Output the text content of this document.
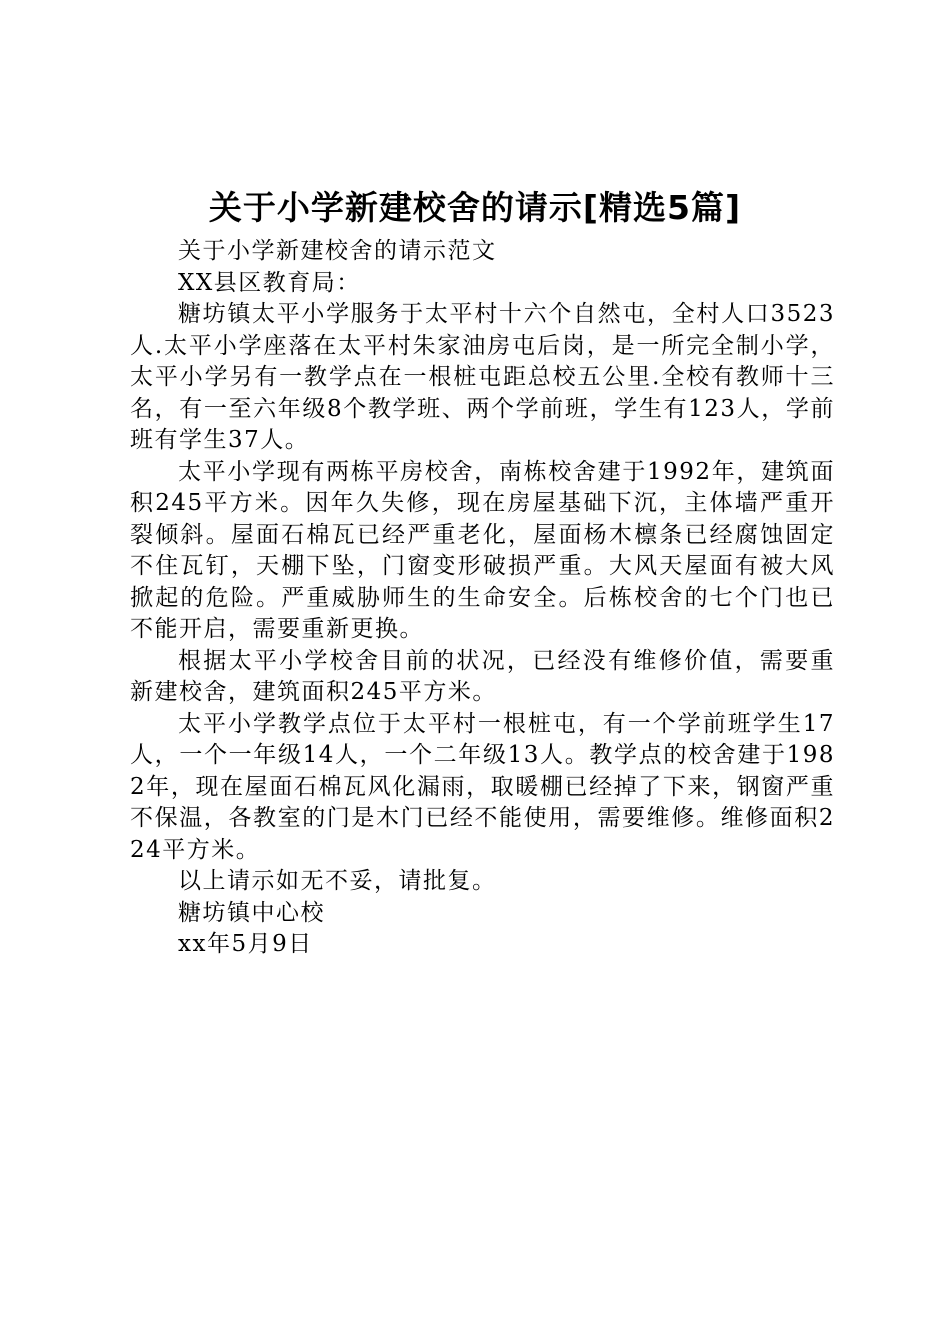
关于小学新建校舍的请示[精选5篇]

关于小学新建校舍的请示范文

XX县区教育局：

糖坊镇太平小学服务于太平村十六个自然屯，全村人口3523人.太平小学座落在太平村朱家油房屯后岗，是一所完全制小学，太平小学另有一教学点在一根桩屯距总校五公里.全校有教师十三名，有一至六年级8个教学班、两个学前班，学生有123人，学前班有学生37人。

太平小学现有两栋平房校舍，南栋校舍建于1992年，建筑面积245平方米。因年久失修，现在房屋基础下沉，主体墙严重开裂倾斜。屋面石棉瓦已经严重老化，屋面杨木檩条已经腐蚀固定不住瓦钉，天棚下坠，门窗变形破损严重。大风天屋面有被大风掀起的危险。严重威胁师生的生命安全。后栋校舍的七个门也已不能开启，需要重新更换。

根据太平小学校舍目前的状况，已经没有维修价值，需要重新建校舍，建筑面积245平方米。

太平小学教学点位于太平村一根桩屯，有一个学前班学生17人，一个一年级14人，一个二年级13人。教学点的校舍建于1982年，现在屋面石棉瓦风化漏雨，取暖棚已经掉了下来，钢窗严重不保温，各教室的门是木门已经不能使用，需要维修。维修面积224平方米。

以上请示如无不妥，请批复。

糖坊镇中心校

xx年5月9日
